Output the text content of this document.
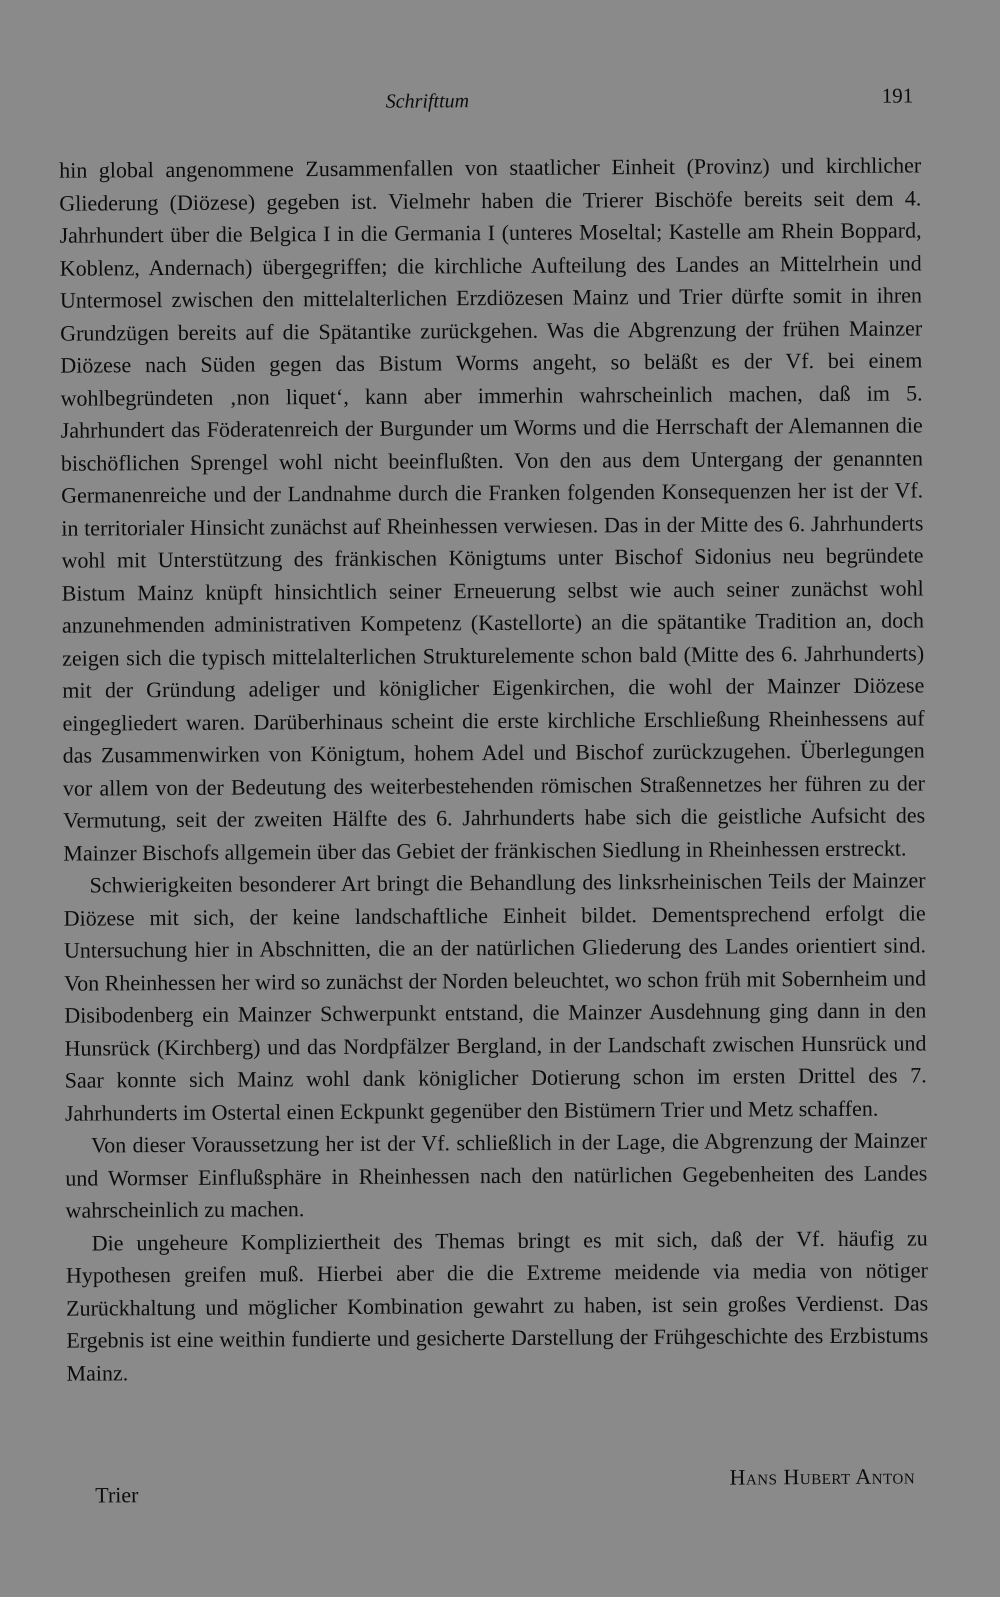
Schrifttum	191

hin global angenommene Zusammenfallen von staatlicher Einheit (Provinz) und kirchlicher Gliederung (Diözese) gegeben ist. Vielmehr haben die Trierer Bischöfe bereits seit dem 4. Jahrhundert über die Belgica I in die Germania I (unteres Moseltal; Kastelle am Rhein Boppard, Koblenz, Andernach) übergegriffen; die kirchliche Aufteilung des Landes an Mittelrhein und Untermosel zwischen den mittelalterlichen Erzdiözesen Mainz und Trier dürfte somit in ihren Grundzügen bereits auf die Spätantike zurückgehen. Was die Abgrenzung der frühen Mainzer Diözese nach Süden gegen das Bistum Worms angeht, so beläßt es der Vf. bei einem wohlbegründeten ‚non liquet‘, kann aber immerhin wahrscheinlich machen, daß im 5. Jahrhundert das Föderatenreich der Burgunder um Worms und die Herrschaft der Alemannen die bischöflichen Sprengel wohl nicht beeinflußten. Von den aus dem Untergang der genannten Germanenreiche und der Landnahme durch die Franken folgenden Konsequenzen her ist der Vf. in territorialer Hinsicht zunächst auf Rheinhessen verwiesen. Das in der Mitte des 6. Jahrhunderts wohl mit Unterstützung des fränkischen Königtums unter Bischof Sidonius neu begründete Bistum Mainz knüpft hinsichtlich seiner Erneuerung selbst wie auch seiner zunächst wohl anzunehmenden administrativen Kompetenz (Kastellorte) an die spätantike Tradition an, doch zeigen sich die typisch mittelalterlichen Strukturelemente schon bald (Mitte des 6. Jahrhunderts) mit der Gründung adeliger und königlicher Eigenkirchen, die wohl der Mainzer Diözese eingegliedert waren. Darüberhinaus scheint die erste kirchliche Erschließung Rheinhessens auf das Zusammenwirken von Königtum, hohem Adel und Bischof zurückzugehen. Überlegungen vor allem von der Bedeutung des weiterbestehenden römischen Straßennetzes her führen zu der Vermutung, seit der zweiten Hälfte des 6. Jahrhunderts habe sich die geistliche Aufsicht des Mainzer Bischofs allgemein über das Gebiet der fränkischen Siedlung in Rheinhessen erstreckt.

Schwierigkeiten besonderer Art bringt die Behandlung des linksrheinischen Teils der Mainzer Diözese mit sich, der keine landschaftliche Einheit bildet. Dementsprechend erfolgt die Untersuchung hier in Abschnitten, die an der natürlichen Gliederung des Landes orientiert sind. Von Rheinhessen her wird so zunächst der Norden beleuchtet, wo schon früh mit Sobernheim und Disibodenberg ein Mainzer Schwerpunkt entstand, die Mainzer Ausdehnung ging dann in den Hunsrück (Kirchberg) und das Nordpfälzer Bergland, in der Landschaft zwischen Hunsrück und Saar konnte sich Mainz wohl dank königlicher Dotierung schon im ersten Drittel des 7. Jahrhunderts im Ostertal einen Eckpunkt gegenüber den Bistümern Trier und Metz schaffen.

Von dieser Voraussetzung her ist der Vf. schließlich in der Lage, die Abgrenzung der Mainzer und Wormser Einflußsphäre in Rheinhessen nach den natürlichen Gegebenheiten des Landes wahrscheinlich zu machen.

Die ungeheure Kompliziertheit des Themas bringt es mit sich, daß der Vf. häufig zu Hypothesen greifen muß. Hierbei aber die die Extreme meidende via media von nötiger Zurückhaltung und möglicher Kombination gewahrt zu haben, ist sein großes Verdienst. Das Ergebnis ist eine weithin fundierte und gesicherte Darstellung der Frühgeschichte des Erzbistums Mainz.

Trier
Hans Hubert Anton
